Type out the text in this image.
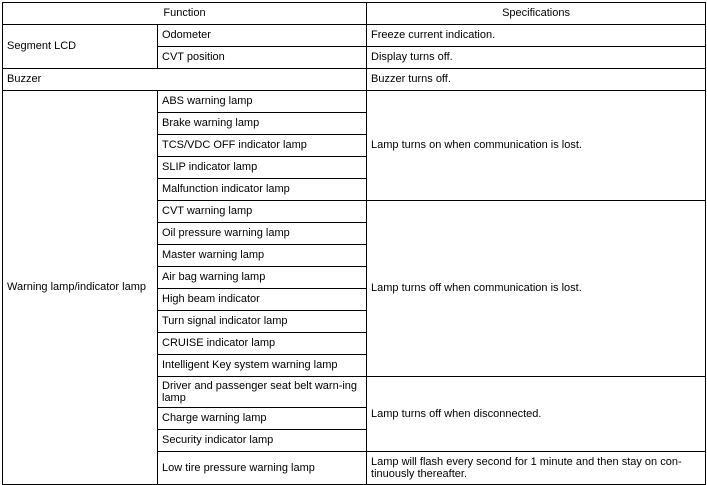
Function		Specifications
Segment LCD	Odometer	Freeze current indication.
	CVT position	Display turns off.
Buzzer		Buzzer turns off.
Warning lamp/indicator lamp	ABS warning lamp	Lamp turns on when communication is lost.
	Brake warning lamp	
	TCS/VDC OFF indicator lamp	
	SLIP indicator lamp	
	Malfunction indicator lamp	
	CVT warning lamp	Lamp turns off when communication is lost.
	Oil pressure warning lamp	
	Master warning lamp	
	Air bag warning lamp	
	High beam indicator	
	Turn signal indicator lamp	
	CRUISE indicator lamp	
	Intelligent Key system warning lamp	
	Driver and passenger seat belt warn-ing lamp	Lamp turns off when disconnected.
	Charge warning lamp	
	Security indicator lamp	
	Low tire pressure warning lamp	Lamp will flash every second for 1 minute and then stay on con-tinuously thereafter.
